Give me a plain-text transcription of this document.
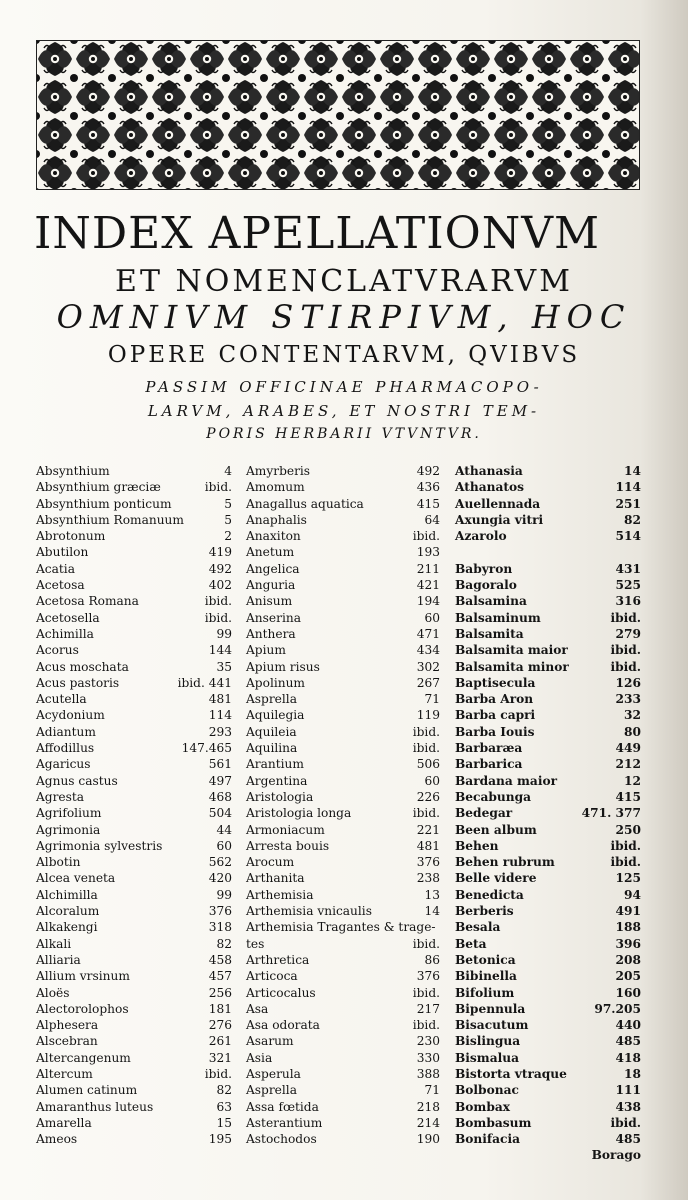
INDEX APELLATIONVM
ET NOMENCLATVRARVM
OMNIVM STIRPIVM, HOC
OPERE CONTENTARVM, QVIBVS
PASSIM OFFICINAE PHARMACOPO-
LARVM, ARABES, ET NOSTRI TEM-
PORIS HERBARII VTVNTVR.
Absynthium	4
Absynthium græciæ	ibid.
Absynthium ponticum	5
Absynthium Romanuum	5
Abrotonum	2
Abutilon	419
Acatia	492
Acetosa	402
Acetosa Romana	ibid.
Acetosella	ibid.
Achimilla	99
Acorus	144
Acus moschata	35
Acus pastoris	ibid. 441
Acutella	481
Acydonium	114
Adiantum	293
Affodillus	147.465
Agaricus	561
Agnus castus	497
Agresta	468
Agrifolium	504
Agrimonia	44
Agrimonia sylvestris	60
Albotin	562
Alcea veneta	420
Alchimilla	99
Alcoralum	376
Alkakengi	318
Alkali	82
Alliaria	458
Allium vrsinum	457
Aloës	256
Alectorolophos	181
Alphesera	276
Alscebran	261
Altercangenum	321
Altercum	ibid.
Alumen catinum	82
Amaranthus luteus	63
Amarella	15
Ameos	195
Amyrberis	492
Amomum	436
Anagallus aquatica	415
Anaphalis	64
Anaxiton	ibid.
Anetum	193
Angelica	211
Anguria	421
Anisum	194
Anserina	60
Anthera	471
Apium	434
Apium risus	302
Apolinum	267
Asprella	71
Aquilegia	119
Aquileia	ibid.
Aquilina	ibid.
Arantium	506
Argentina	60
Aristologia	226
Aristologia longa	ibid.
Armoniacum	221
Arresta bouis	481
Arocum	376
Arthanita	238
Arthemisia	13
Arthemisia vnicaulis	14
Arthemisia Tragantes & trage-
tes	ibid.
Arthretica	86
Articoca	376
Articocalus	ibid.
Asa	217
Asa odorata	ibid.
Asarum	230
Asia	330
Asperula	388
Asprella	71
Assa fœtida	218
Asterantium	214
Astochodos	190
Athanasia	14
Athanatos	114
Auellennada	251
Axungia vitri	82
Azarolo	514
Babyron	431
Bagoralo	525
Balsamina	316
Balsaminum	ibid.
Balsamita	279
Balsamita maior	ibid.
Balsamita minor	ibid.
Baptisecula	126
Barba Aron	233
Barba capri	32
Barba Iouis	80
Barbaræa	449
Barbarica	212
Bardana maior	12
Becabunga	415
Bedegar	471. 377
Been album	250
Behen	ibid.
Behen rubrum	ibid.
Belle videre	125
Benedicta	94
Berberis	491
Besala	188
Beta	396
Betonica	208
Bibinella	205
Bifolium	160
Bipennula	97.205
Bisacutum	440
Bislingua	485
Bismalua	418
Bistorta vtraque	18
Bolbonac	111
Bombax	438
Bombasum	ibid.
Bonifacia	485
Borago
